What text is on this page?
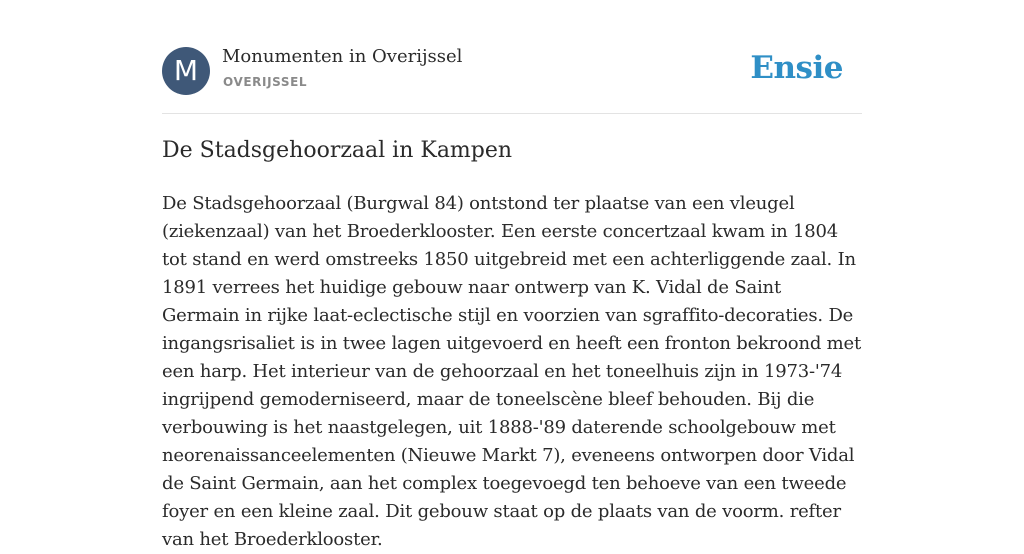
M	Monumenten in Overijssel
OVERIJSSEL	Ensie
De Stadsgehoorzaal in Kampen

De Stadsgehoorzaal (Burgwal 84) ontstond ter plaatse van een vleugel (ziekenzaal) van het Broederklooster. Een eerste concertzaal kwam in 1804 tot stand en werd omstreeks 1850 uitgebreid met een achterliggende zaal. In 1891 verrees het huidige gebouw naar ontwerp van K. Vidal de Saint Germain in rijke laat-eclectische stijl en voorzien van sgraffito-decoraties. De ingangsrisaliet is in twee lagen uitgevoerd en heeft een fronton bekroond met een harp. Het interieur van de gehoorzaal en het toneelhuis zijn in 1973-'74 ingrijpend gemoderniseerd, maar de toneelscène bleef behouden. Bij die verbouwing is het naastgelegen, uit 1888-'89 daterende schoolgebouw met neorenaissanceelementen (Nieuwe Markt 7), eveneens ontworpen door Vidal de Saint Germain, aan het complex toegevoegd ten behoeve van een tweede foyer en een kleine zaal. Dit gebouw staat op de plaats van de voorm. refter van het Broederklooster.
